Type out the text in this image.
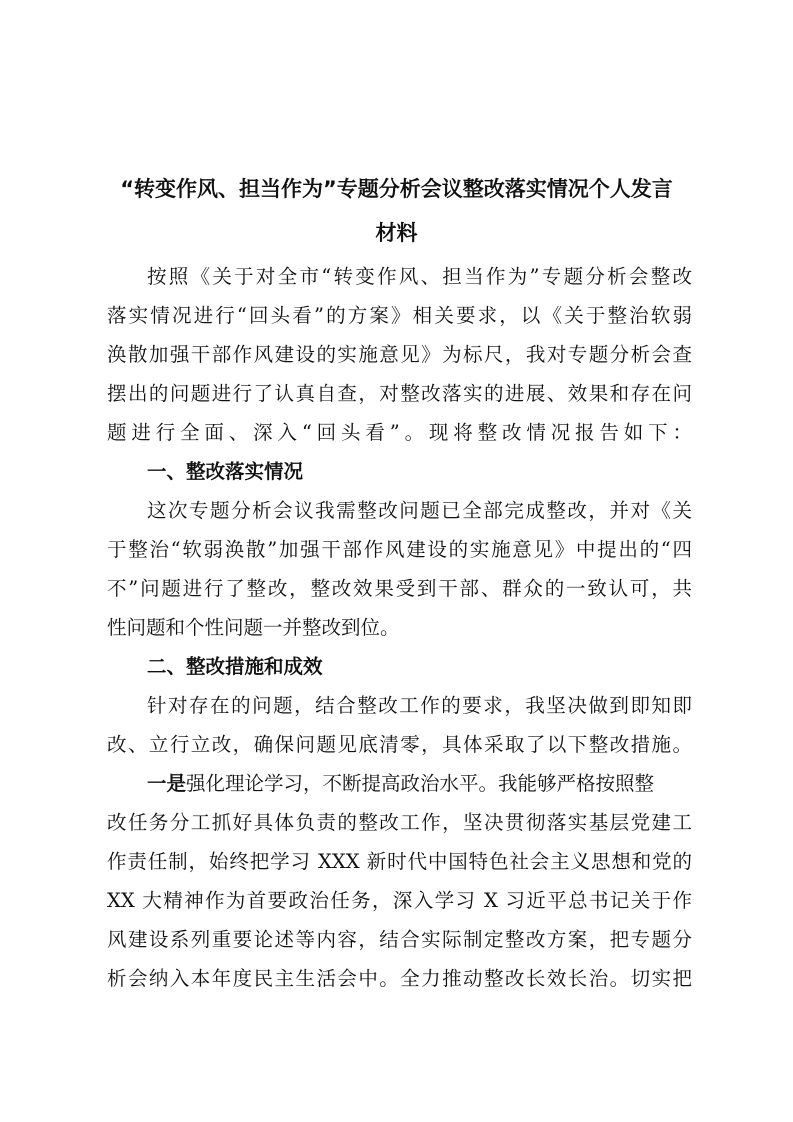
“转变作风、担当作为”专题分析会议整改落实情况个人发言
材料
按照《关于对全市“转变作风、担当作为”专题分析会整改
落实情况进行“回头看”的方案》相关要求，以《关于整治软弱
涣散加强干部作风建设的实施意见》为标尺，我对专题分析会查
摆出的问题进行了认真自查，对整改落实的进展、效果和存在问
题进行全面、深入“回头看”。现将整改情况报告如下：
一、整改落实情况
这次专题分析会议我需整改问题已全部完成整改，并对《关
于整治“软弱涣散”加强干部作风建设的实施意见》中提出的“四
不”问题进行了整改，整改效果受到干部、群众的一致认可，共
性问题和个性问题一并整改到位。
二、整改措施和成效
针对存在的问题，结合整改工作的要求，我坚决做到即知即
改、立行立改，确保问题见底清零，具体采取了以下整改措施。
一是强化理论学习，不断提高政治水平。我能够严格按照整
改任务分工抓好具体负责的整改工作，坚决贯彻落实基层党建工
作责任制，始终把学习 XXX 新时代中国特色社会主义思想和党的
XX 大精神作为首要政治任务，深入学习 X 习近平总书记关于作
风建设系列重要论述等内容，结合实际制定整改方案，把专题分
析会纳入本年度民主生活会中。全力推动整改长效长治。切实把
